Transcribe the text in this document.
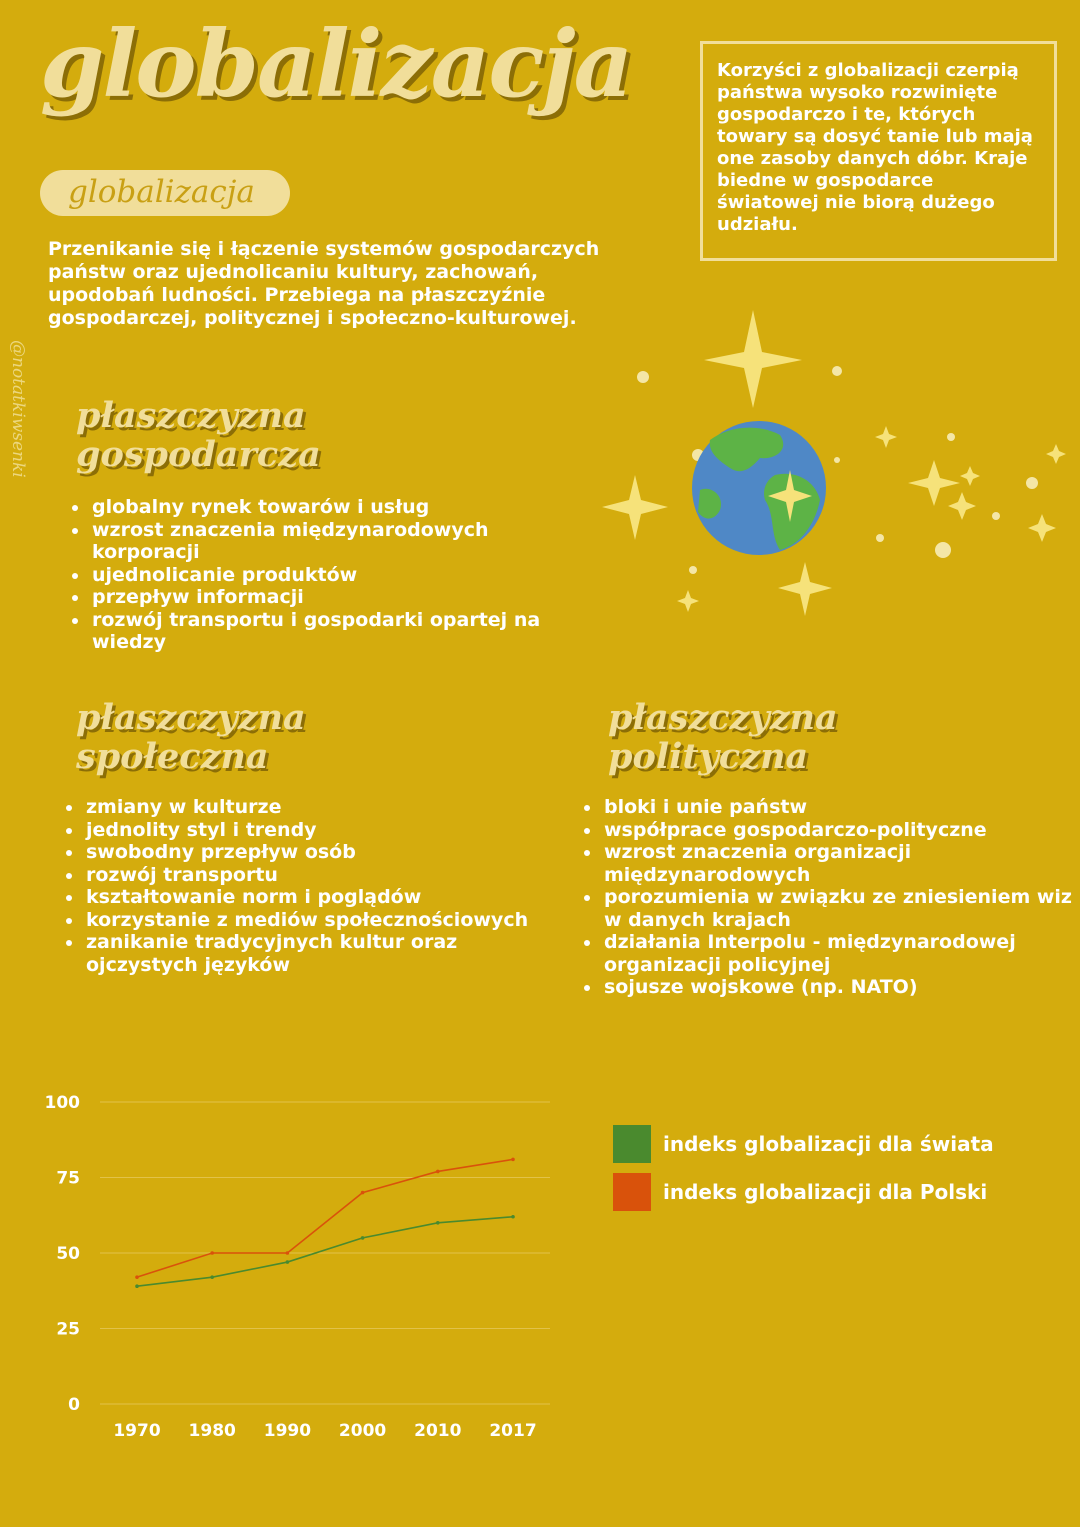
globalizacja
globalizacja
Przenikanie się i łączenie systemów gospodarczych państw oraz ujednolicaniu kultury, zachowań, upodobań ludności. Przebiega na płaszczyźnie gospodarczej, politycznej i społeczno-kulturowej.
Korzyści z globalizacji czerpią państwa wysoko rozwinięte gospodarczo i te, których towary są dosyć tanie lub mają one zasoby danych dóbr. Kraje biedne w gospodarce światowej nie biorą dużego udziału.
@notatkiwsenki płaszczyzna
gospodarcza
• globalny rynek towarów i usług
• wzrost znaczenia międzynarodowych korporacji
• ujednolicanie produktów
• przepływ informacji
• rozwój transportu i gospodarki opartej na wiedzy
płaszczyzna
społeczna
• zmiany w kulturze
• jednolity styl i trendy
• swobodny przepływ osób
• rozwój transportu
• kształtowanie norm i poglądów
• korzystanie z mediów społecznościowych
• zanikanie tradycyjnych kultur oraz ojczystych języków
płaszczyzna
polityczna
• bloki i unie państw
• współprace gospodarczo-polityczne
• wzrost znaczenia organizacji międzynarodowych
• porozumienia w związku ze zniesieniem wiz w danych krajach
• działania Interpolu - międzynarodowej organizacji policyjnej
• sojusze wojskowe (np. NATO)
0
25
50
75
100
1970 1980 1990 2000 2010 2017
indeks globalizacji dla świata
indeks globalizacji dla Polski
